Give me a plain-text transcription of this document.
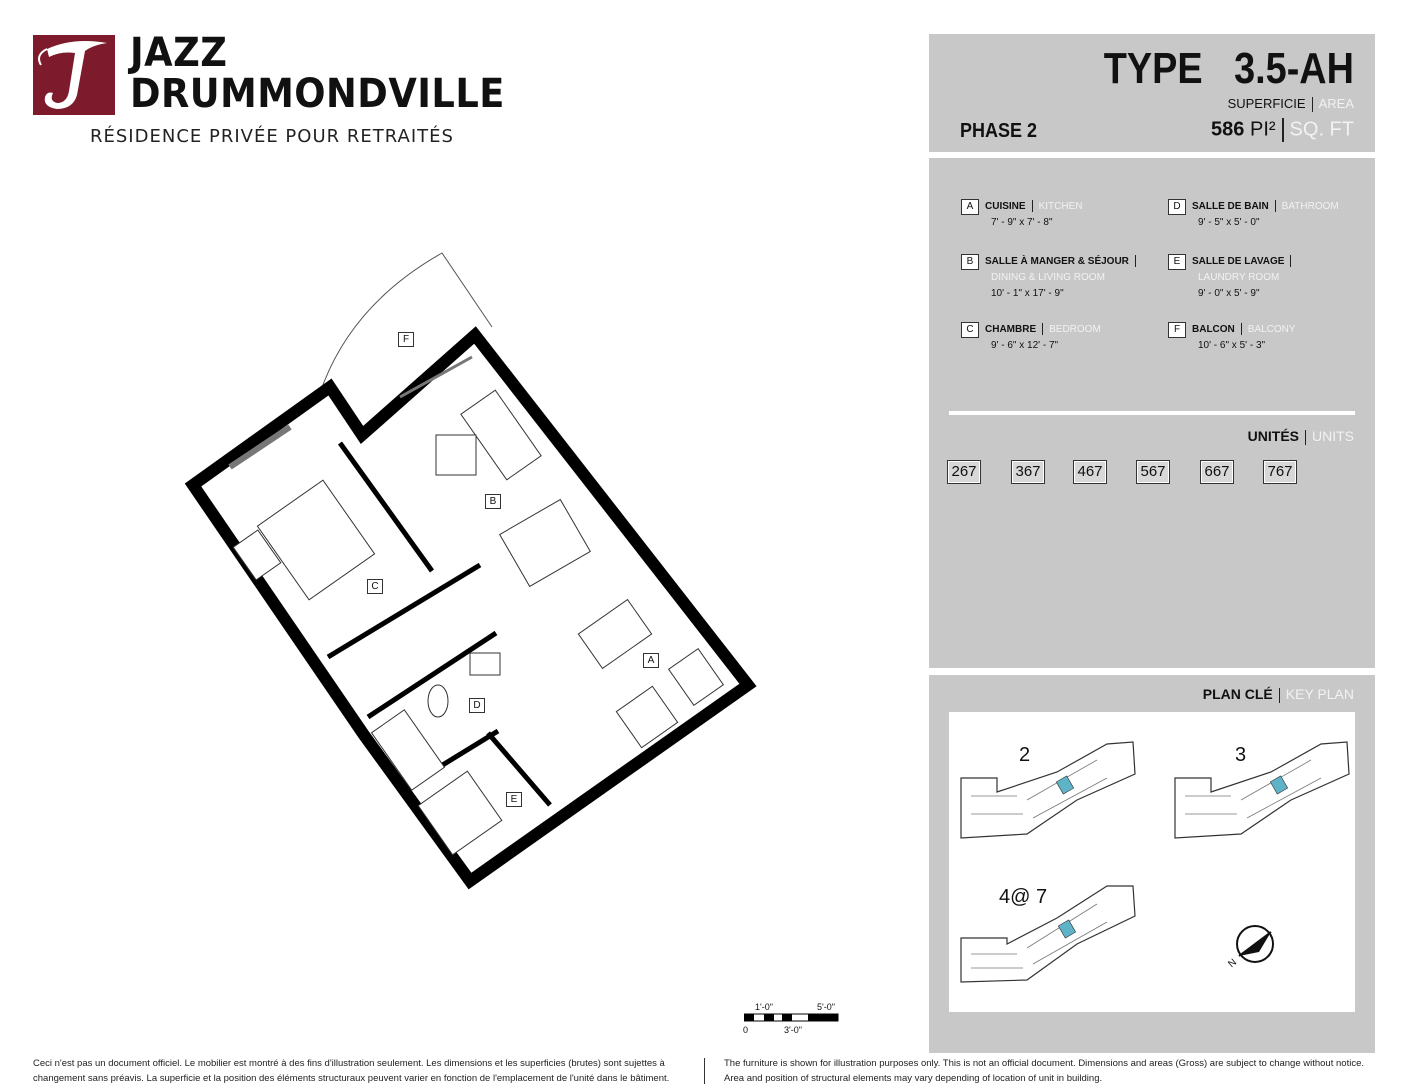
JAZZ
DRUMMONDVILLE
RÉSIDENCE PRIVÉE POUR RETRAITÉS
F
B
C
A
D
E
1'-0"	5'-0"
0	3'-0"
TYPE   3.5-AH
SUPERFICIE AREA
PHASE 2	586 PI² SQ. FT
A CUISINE KITCHEN
7' - 9" x 7' - 8"
B SALLE À MANGER & SÉJOUR
DINING & LIVING ROOM
10' - 1" x 17' - 9"
C CHAMBRE BEDROOM
9' - 6" x 12' - 7"
D SALLE DE BAIN BATHROOM
9' - 5" x 5' - 0"
E SALLE DE LAVAGE
LAUNDRY ROOM
9' - 0" x 5' - 9"
F BALCON BALCONY
10' - 6" x 5' - 3"
UNITÉS UNITS
267	367 467	567	667	767
PLAN CLÉ KEY PLAN
2	3
4@ 7
N
Ceci n'est pas un document officiel. Le mobilier est montré à des fins d'illustration seulement. Les dimensions et les superficies (brutes) sont sujettes à
changement sans préavis. La superficie et la position des éléments structuraux peuvent varier en fonction de l'emplacement de l'unité dans le bâtiment.
The furniture is shown for illustration purposes only. This is not an official document. Dimensions and areas (Gross) are subject to change without notice.
Area and position of structural elements may vary depending of location of unit in building.
